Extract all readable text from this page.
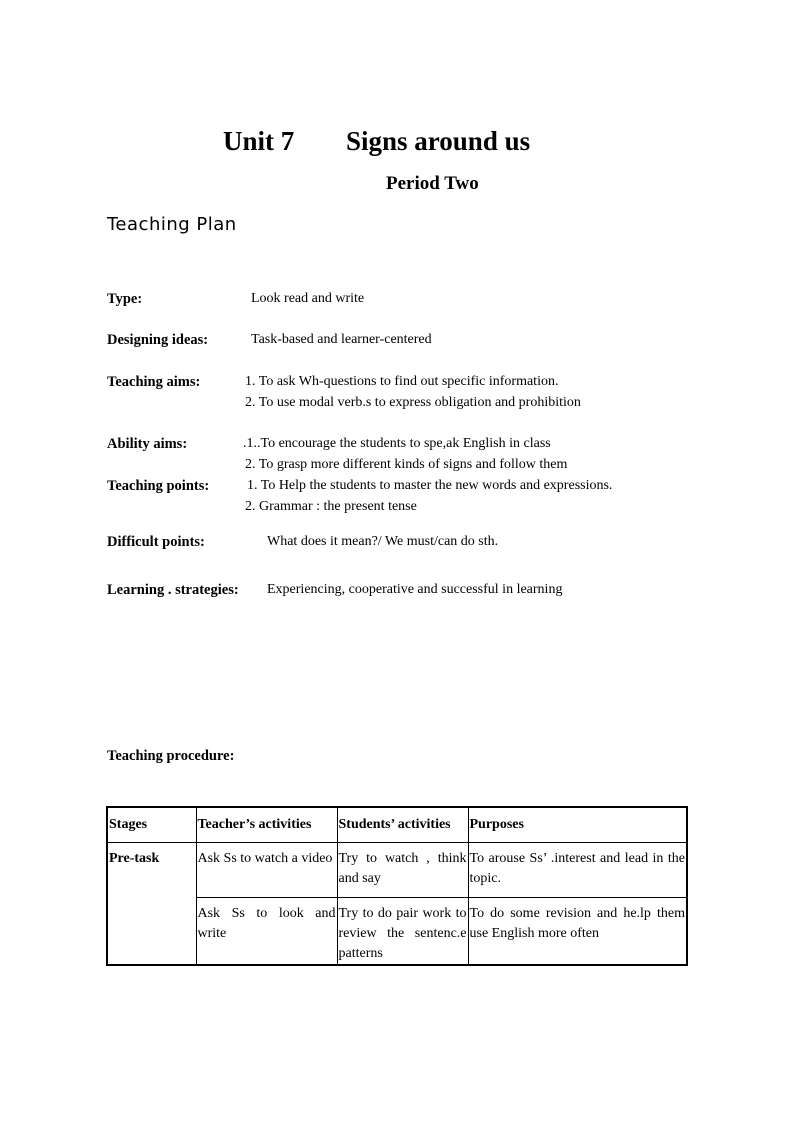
Unit 7 Signs around us
Period Two
Teaching Plan
Type:	Look read and write
Designing ideas:	Task-based and learner-centered
Teaching aims:	1. To ask Wh-questions to find out specific information.
2. To use modal verb.s to express obligation and prohibition
Ability aims:	.1..To encourage the students to spe,ak English in class
2. To grasp more different kinds of signs and follow them
Teaching points:	1. To Help the students to master the new words and expressions.
2. Grammar : the present tense
Difficult points:	What does it mean?/ We must/can do sth.
Learning . strategies: Experiencing, cooperative and successful in learning
Teaching procedure:
Stages	Teacher’s activities	Students’ activities	Purposes
Pre-task	Ask Ss to watch a video	Try to watch , think and say	To arouse Ss’ .interest and lead in the topic.
	Ask Ss to look and write	Try to do pair work to review the sentenc.e patterns	To do some revision and he.lp them use English more often
